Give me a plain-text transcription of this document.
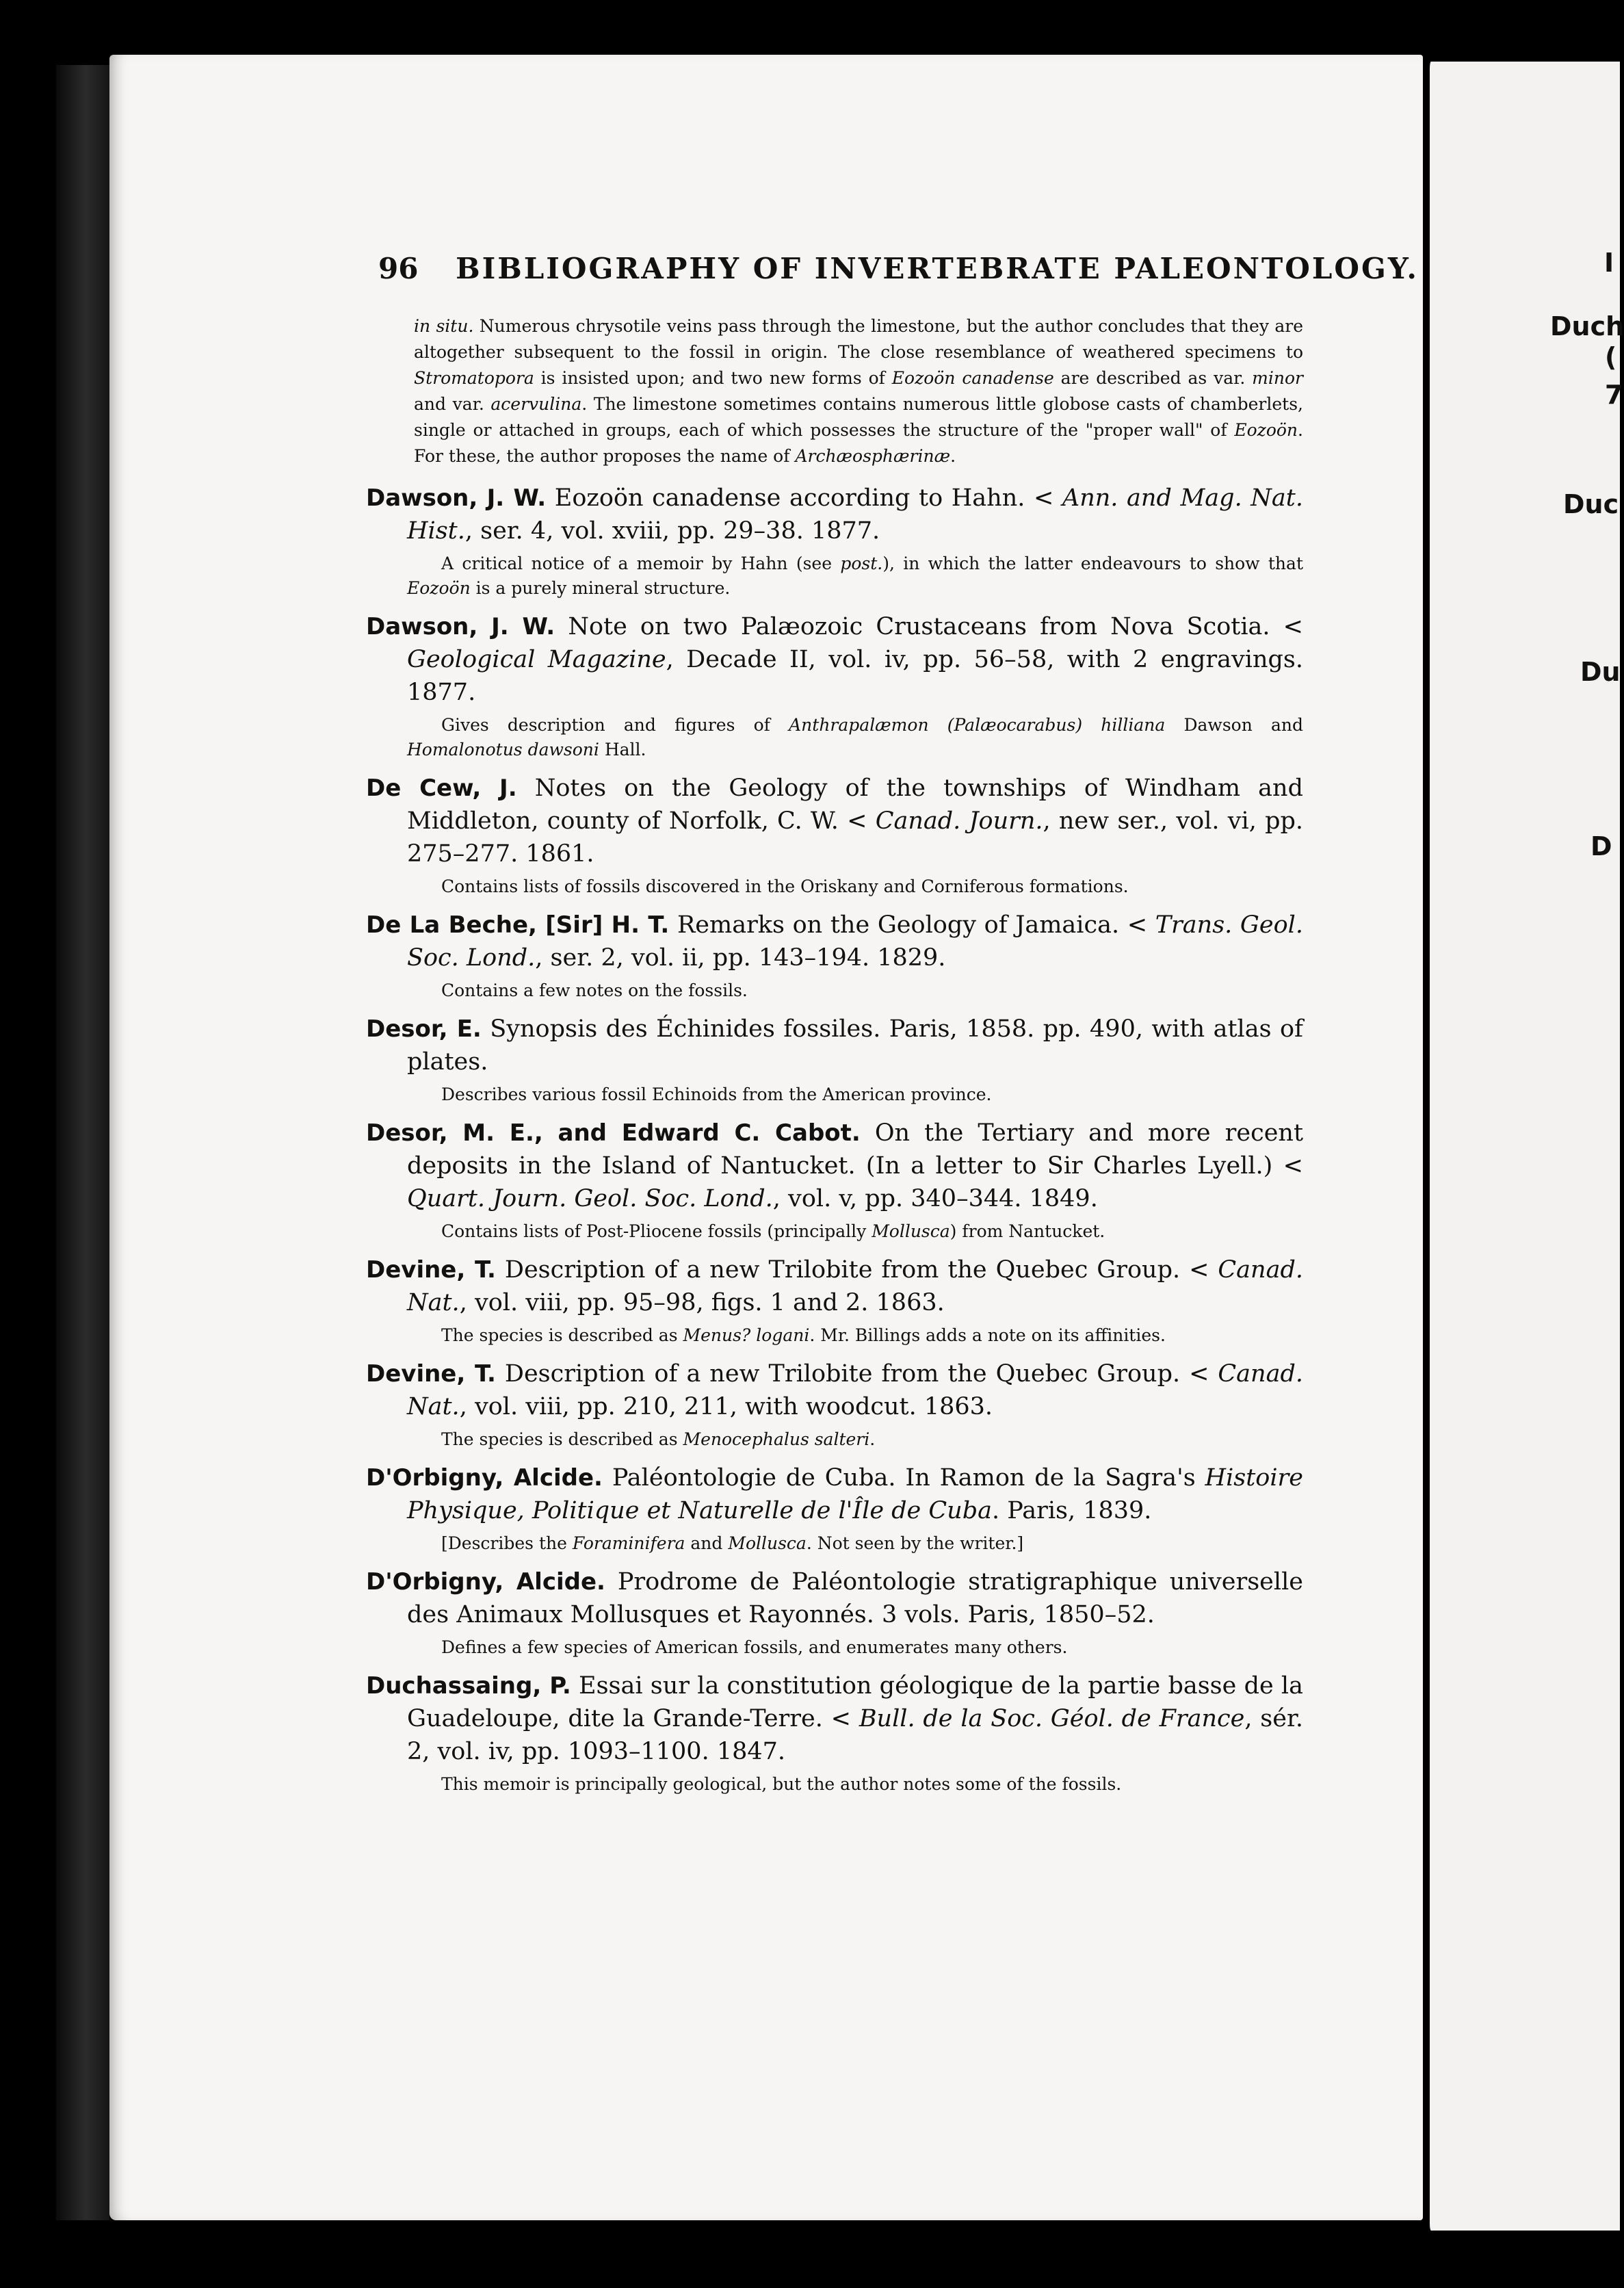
I
Duch
(
7
Duc
Du
D
96 BIBLIOGRAPHY OF INVERTEBRATE PALEONTOLOGY.

in situ. Numerous chrysotile veins pass through the limestone, but the author concludes that they are altogether subsequent to the fossil in origin. The close resemblance of weathered specimens to Stromatopora is insisted upon; and two new forms of Eozoön canadense are described as var. minor and var. acervulina. The limestone sometimes contains numerous little globose casts of chamberlets, single or attached in groups, each of which possesses the structure of the "proper wall" of Eozoön. For these, the author proposes the name of Archæosphærinæ.

Dawson, J. W. Eozoön canadense according to Hahn. < Ann. and Mag. Nat. Hist., ser. 4, vol. xviii, pp. 29–38. 1877.

A critical notice of a memoir by Hahn (see post.), in which the latter endeavours to show that Eozoön is a purely mineral structure.

Dawson, J. W. Note on two Palæozoic Crustaceans from Nova Scotia. < Geological Magazine, Decade II, vol. iv, pp. 56–58, with 2 engravings. 1877.

Gives description and figures of Anthrapalæmon (Palæocarabus) hilliana Dawson and Homalonotus dawsoni Hall.

De Cew, J. Notes on the Geology of the townships of Windham and Middleton, county of Norfolk, C. W. < Canad. Journ., new ser., vol. vi, pp. 275–277. 1861.

Contains lists of fossils discovered in the Oriskany and Corniferous formations.

De La Beche, [Sir] H. T. Remarks on the Geology of Jamaica. < Trans. Geol. Soc. Lond., ser. 2, vol. ii, pp. 143–194. 1829.

Contains a few notes on the fossils.

Desor, E. Synopsis des Échinides fossiles. Paris, 1858. pp. 490, with atlas of plates.

Describes various fossil Echinoids from the American province.

Desor, M. E., and Edward C. Cabot. On the Tertiary and more recent deposits in the Island of Nantucket. (In a letter to Sir Charles Lyell.) < Quart. Journ. Geol. Soc. Lond., vol. v, pp. 340–344. 1849.

Contains lists of Post-Pliocene fossils (principally Mollusca) from Nantucket.

Devine, T. Description of a new Trilobite from the Quebec Group. < Canad. Nat., vol. viii, pp. 95–98, figs. 1 and 2. 1863.

The species is described as Menus? logani. Mr. Billings adds a note on its affinities.

Devine, T. Description of a new Trilobite from the Quebec Group. < Canad. Nat., vol. viii, pp. 210, 211, with woodcut. 1863.

The species is described as Menocephalus salteri.

D'Orbigny, Alcide. Paléontologie de Cuba. In Ramon de la Sagra's Histoire Physique, Politique et Naturelle de l'Île de Cuba. Paris, 1839.

[Describes the Foraminifera and Mollusca. Not seen by the writer.]

D'Orbigny, Alcide. Prodrome de Paléontologie stratigraphique universelle des Animaux Mollusques et Rayonnés. 3 vols. Paris, 1850–52.

Defines a few species of American fossils, and enumerates many others.

Duchassaing, P. Essai sur la constitution géologique de la partie basse de la Guadeloupe, dite la Grande-Terre. < Bull. de la Soc. Géol. de France, sér. 2, vol. iv, pp. 1093–1100. 1847.

This memoir is principally geological, but the author notes some of the fossils.
